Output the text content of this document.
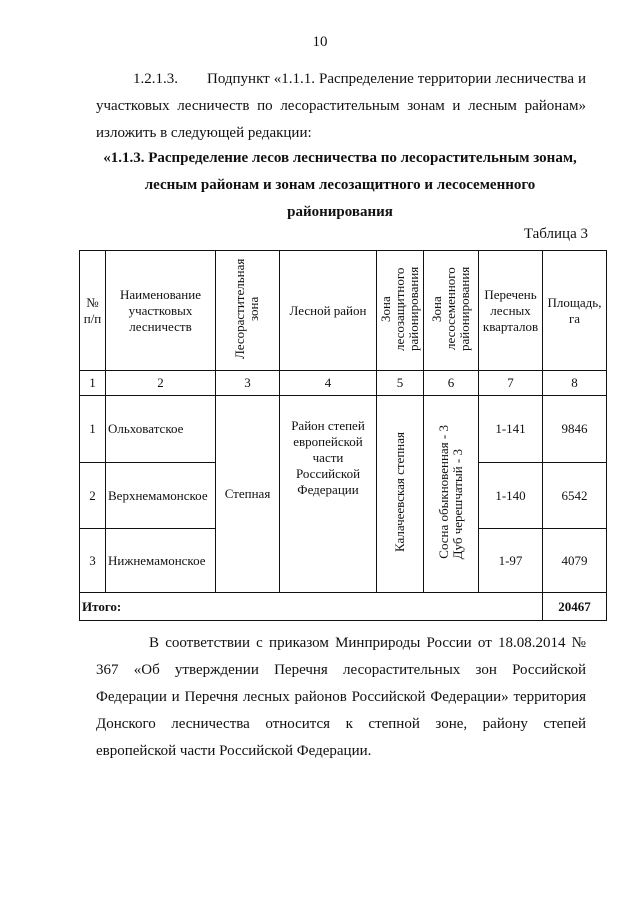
10
1.2.1.3. Подпункт «1.1.1. Распределение территории лесничества и участковых лесничеств по лесорастительным зонам и лесным районам» изложить в следующей редакции:
«1.1.3. Распределение лесов лесничества по лесорастительным зонам, лесным районам и зонам лесозащитного и лесосеменного районирования
Таблица 3
№ п/п	Наименование участковых лесничеств	Лесорастительная зона	Лесной район	Зона лесозащитного районирования	Зона лесосеменного районирования	Перечень лесных кварталов	Площадь, га
1	2	3	4	5	6	7	8
1	Ольховатское	Степная	Район степей европейской части Российской Федерации	Калачеевская степная	Сосна обыкновенная - 3Дуб черешчатый - 3	1-141	9846
2	Верхнемамонское					1-140	6542
3	Нижнемамонское					1-97	4079
Итого:							20467
В соответствии с приказом Минприроды России от 18.08.2014 № 367 «Об утверждении Перечня лесорастительных зон Российской Федерации и Перечня лесных районов Российской Федерации» территория Донского лесничества относится к степной зоне, району степей европейской части Российской Федерации.
